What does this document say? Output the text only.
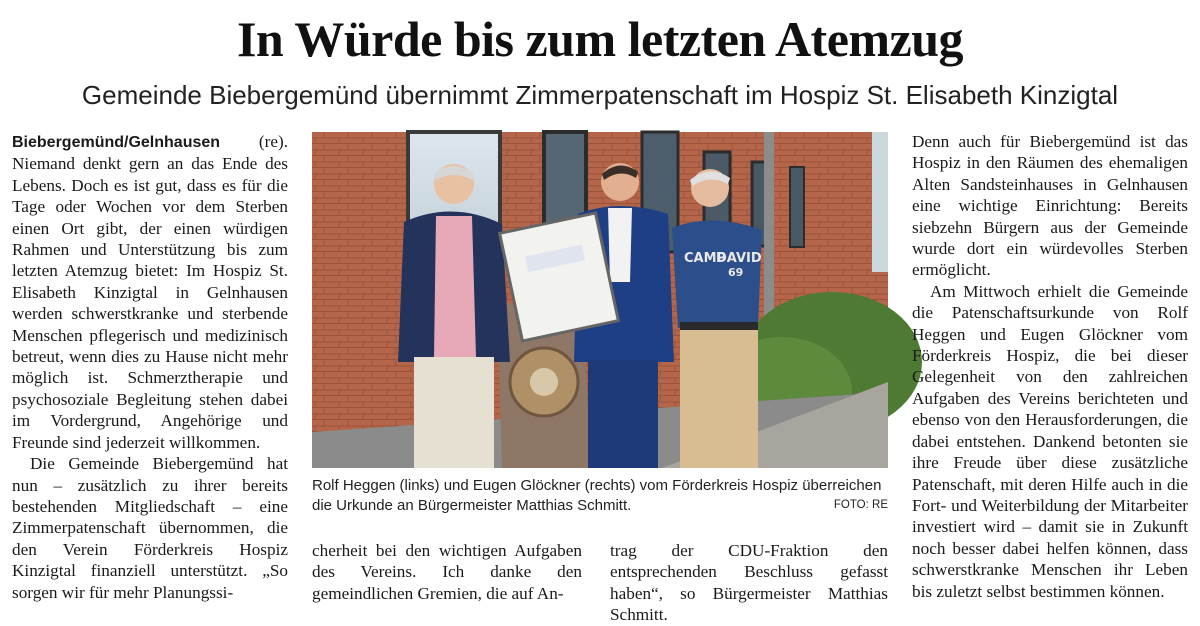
In Würde bis zum letzten Atemzug
Gemeinde Biebergemünd übernimmt Zimmerpatenschaft im Hospiz St. Elisabeth Kinzigtal

Biebergemünd/Gelnhausen (re). Niemand denkt gern an das Ende des Lebens. Doch es ist gut, dass es für die Tage oder Wochen vor dem Sterben einen Ort gibt, der einen würdigen Rahmen und Unterstützung bis zum letzten Atemzug bietet: Im Hospiz St. Elisabeth Kinzigtal in Gelnhausen werden schwerstkranke und sterbende Menschen pflegerisch und medizinisch betreut, wenn dies zu Hause nicht mehr möglich ist. Schmerztherapie und psychosoziale Begleitung stehen dabei im Vordergrund, Angehörige und Freunde sind jederzeit willkommen.

Die Gemeinde Biebergemünd hat nun – zusätzlich zu ihrer bereits bestehenden Mitgliedschaft – eine Zimmerpatenschaft übernommen, die den Verein Förderkreis Hospiz Kinzigtal finanziell unterstützt. „So sorgen wir für mehr Planungssi-

CAMP
DAVID
69
Rolf Heggen (links) und Eugen Glöckner (rechts) vom Förderkreis Hospiz überreichen die Urkunde an Bürgermeister Matthias Schmitt.	FOTO: RE

cherheit bei den wichtigen Aufgaben des Vereins. Ich danke den gemeindlichen Gremien, die auf An-

trag der CDU-Fraktion den entsprechenden Beschluss gefasst haben“, so Bürgermeister Matthias Schmitt.

Denn auch für Biebergemünd ist das Hospiz in den Räumen des ehemaligen Alten Sandsteinhauses in Gelnhausen eine wichtige Einrichtung: Bereits siebzehn Bürgern aus der Gemeinde wurde dort ein würdevolles Sterben ermöglicht.

Am Mittwoch erhielt die Gemeinde die Patenschaftsurkunde von Rolf Heggen und Eugen Glöckner vom Förderkreis Hospiz, die bei dieser Gelegenheit von den zahlreichen Aufgaben des Vereins berichteten und ebenso von den Herausforderungen, die dabei entstehen. Dankend betonten sie ihre Freude über diese zusätzliche Patenschaft, mit deren Hilfe auch in die Fort- und Weiterbildung der Mitarbeiter investiert wird – damit sie in Zukunft noch besser dabei helfen können, dass schwerstkranke Menschen ihr Leben bis zuletzt selbst bestimmen können.
